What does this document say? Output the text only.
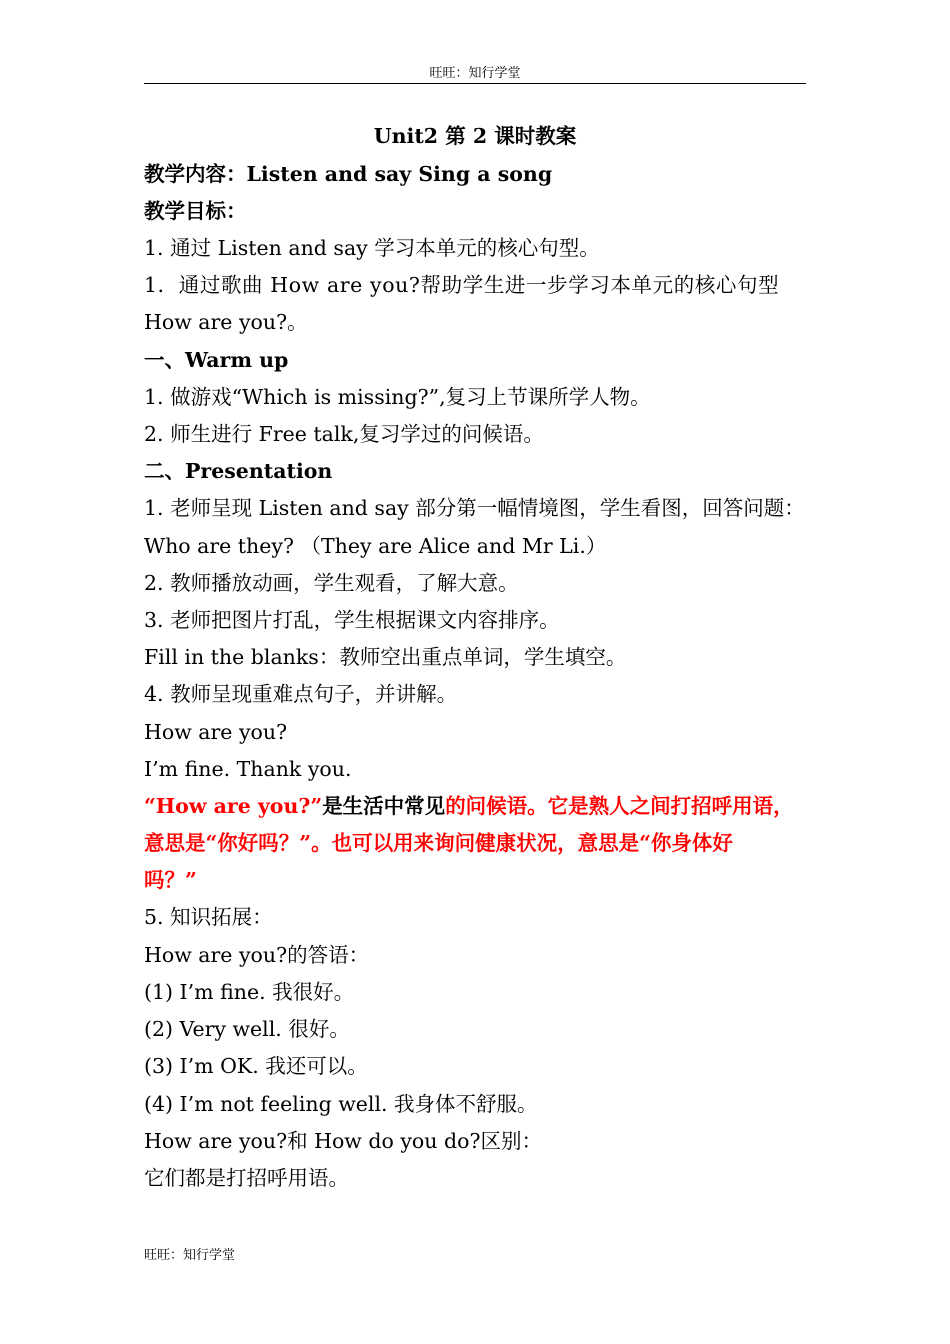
旺旺：知行学堂
Unit2 第 2 课时教案
教学内容：Listen and say Sing a song
教学目标：
1. 通过 Listen and say 学习本单元的核心句型。
1．通过歌曲 How are you?帮助学生进一步学习本单元的核心句型
How are you?。
一、Warm up
1. 做游戏“Which is missing?”,复习上节课所学人物。
2. 师生进行 Free talk,复习学过的问候语。
二、Presentation
1. 老师呈现 Listen and say 部分第一幅情境图，学生看图，回答问题：
Who are they? （They are Alice and Mr Li.）
2. 教师播放动画，学生观看，了解大意。
3. 老师把图片打乱，学生根据课文内容排序。
Fill in the blanks：教师空出重点单词，学生填空。
4. 教师呈现重难点句子，并讲解。
How are you?
I’m fine. Thank you.
“How are you?”是生活中常见的问候语。它是熟人之间打招呼用语，
意思是“你好吗？”。也可以用来询问健康状况，意思是“你身体好
吗？”
5. 知识拓展：
How are you?的答语：
(1) I’m fine. 我很好。
(2) Very well. 很好。
(3) I’m OK. 我还可以。
(4) I’m not feeling well. 我身体不舒服。
How are you?和 How do you do?区别：
它们都是打招呼用语。
旺旺：知行学堂
